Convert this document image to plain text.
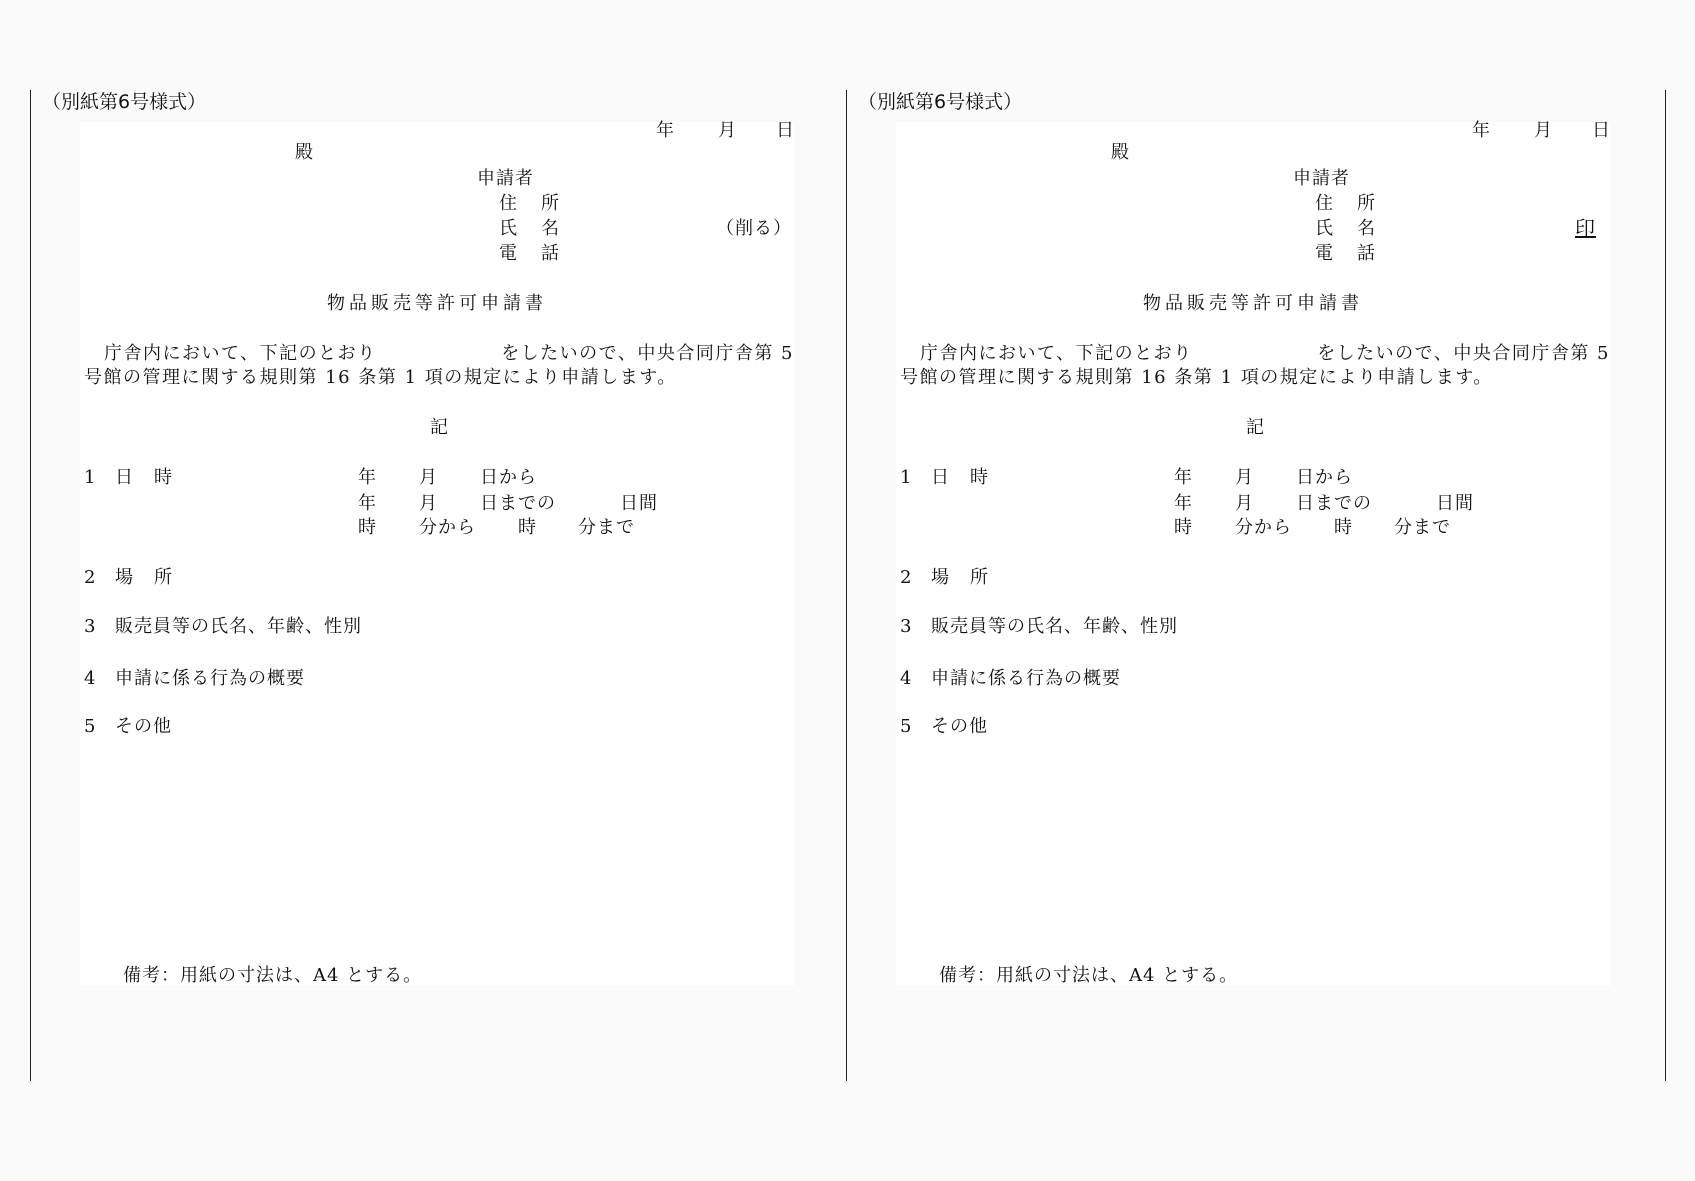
（別紙第6号様式）
年 月 日
殿
申請者
住　所
氏　名	（削る）
電　話
物品販売等許可申請書
庁舎内において、下記のとおり	をしたいので、中央合同庁舎第 5
号館の管理に関する規則第 16 条第 1 項の規定により申請します。
記
1 日　時	年 月 日から
年 月 日までの	日間
時 分から 時 分まで
2 場　所
3 販売員等の氏名、年齢、性別
4 申請に係る行為の概要
5 その他
備考：用紙の寸法は、A4 とする。
（別紙第6号様式）
年 月 日
殿
申請者
住　所
氏　名	印
電　話
物品販売等許可申請書
庁舎内において、下記のとおり	をしたいので、中央合同庁舎第 5
号館の管理に関する規則第 16 条第 1 項の規定により申請します。
記
1 日　時	年 月 日から
年 月 日までの	日間
時 分から 時 分まで
2 場　所
3 販売員等の氏名、年齢、性別
4 申請に係る行為の概要
5 その他
備考：用紙の寸法は、A4 とする。
